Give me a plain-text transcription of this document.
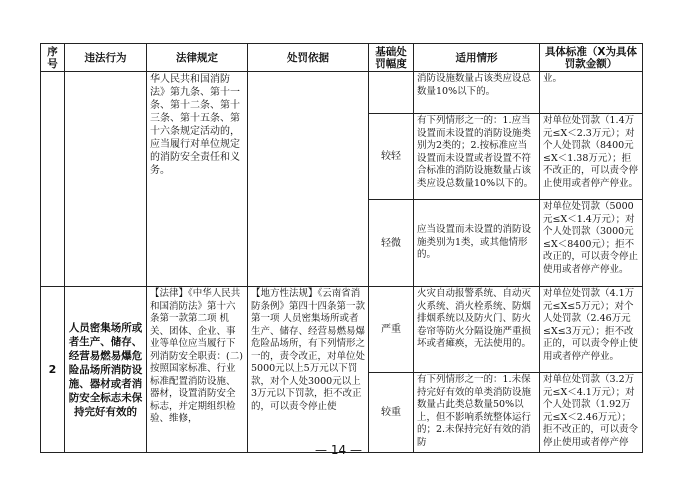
序号	违法行为	法律规定	处罚依据	基础处罚幅度	适用情形	具体标准（X为具体罚款金额）
		华人民共和国消防法》第九条、第十一条、第十二条、第十三条、第十五条、第十六条规定活动的，应当履行对单位规定的消防安全责任和义务。			消防设施数量占该类应设总数量10%以下的。	业。
				较轻	有下列情形之一的：1.应当设置而未设置的消防设施类别为2类的；2.按标准应当设置而未设置或者设置不符合标准的消防设施数量占该类应设总数量10%以下的。	对单位处罚款（1.4万元≤X＜2.3万元）；对个人处罚款（8400元≤X＜1.38万元）；拒不改正的，可以责令停止使用或者停产停业。
				轻微	应当设置而未设置的消防设施类别为1类，或其他情形的。	对单位处罚款（5000元≤X＜1.4万元）；对个人处罚款（3000元≤X＜8400元）；拒不改正的，可以责令停止使用或者停产停业。
2	人员密集场所或者生产、储存、经营易燃易爆危险品场所消防设施、器材或者消防安全标志未保持完好有效的	【法律】《中华人民共和国消防法》第十六条第一款第二项 机关、团体、企业、事业等单位应当履行下列消防安全职责：(二)按照国家标准、行业标准配置消防设施、器材，设置消防安全标志，并定期组织检验、维修，	【地方性法规】《云南省消防条例》第四十四条第一款第一项 人员密集场所或者生产、储存、经营易燃易爆危险品场所，有下列情形之一的，责令改正，对单位处5000元以上5万元以下罚款，对个人处3000元以上3万元以下罚款，拒不改正的，可以责令停止使	严重	火灾自动报警系统、自动灭火系统、消火栓系统、防烟排烟系统以及防火门、防火卷帘等防火分隔设施严重损坏或者瘫痪，无法使用的。	对单位处罚款（4.1万元≤X≤5万元）；对个人处罚款（2.46万元≤X≤3万元）；拒不改正的，可以责令停止使用或者停产停业。
				较重	有下列情形之一的：1.未保持完好有效的单类消防设施数量占此类总数量50%以上，但不影响系统整体运行的；2.未保持完好有效的消防	对单位处罚款（3.2万元≤X＜4.1万元）；对个人处罚款（1.92万元≤X＜2.46万元）；拒不改正的，可以责令停止使用或者停产停
— 14 —
